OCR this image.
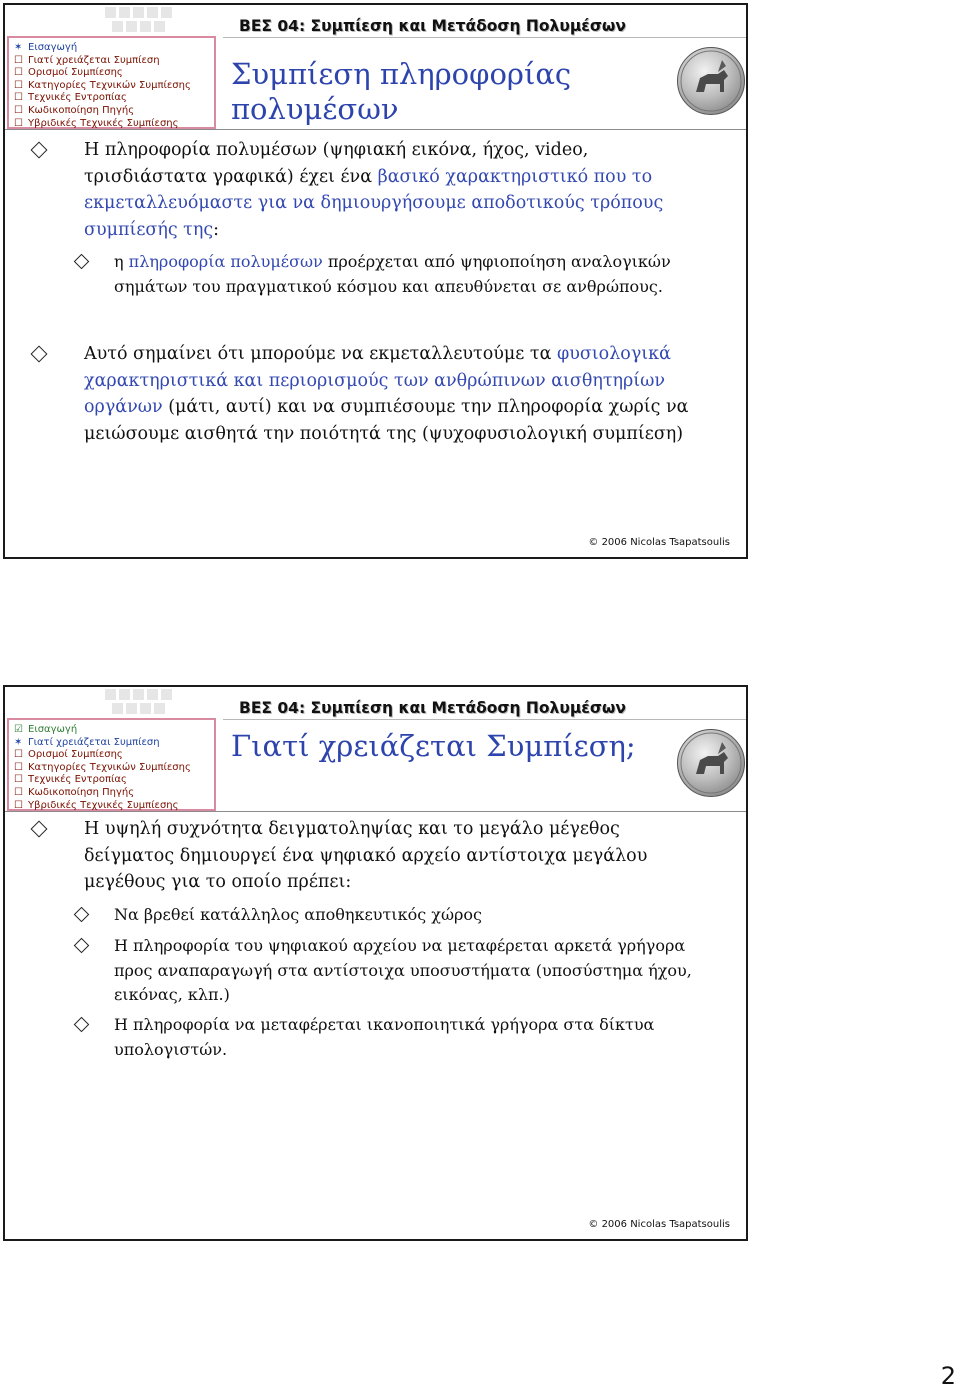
ΒΕΣ 04: Συμπίεση και Μετάδοση Πολυμέσων
✶ Εισαγωγή
☐ Γιατί χρειάζεται Συμπίεση
☐ Ορισμοί Συμπίεσης
☐ Κατηγορίες Τεχνικών Συμπίεσης
☐ Τεχνικές Εντροπίας
☐ Κωδικοποίηση Πηγής
☐ Υβριδικές Τεχνικές Συμπίεσης
Συμπίεση πληροφορίας
πολυμέσων
Η πληροφορία πολυμέσων (ψηφιακή εικόνα, ήχος, video,
τρισδιάστατα γραφικά) έχει ένα βασικό χαρακτηριστικό που το
εκμεταλλευόμαστε για να δημιουργήσουμε αποδοτικούς τρόπους
συμπίεσής της:
η πληροφορία πολυμέσων προέρχεται από ψηφιοποίηση αναλογικών
σημάτων του πραγματικού κόσμου και απευθύνεται σε ανθρώπους.
Αυτό σημαίνει ότι μπορούμε να εκμεταλλευτούμε τα φυσιολογικά
χαρακτηριστικά και περιορισμούς των ανθρώπινων αισθητηρίων
οργάνων (μάτι, αυτί) και να συμπιέσουμε την πληροφορία χωρίς να
μειώσουμε αισθητά την ποιότητά της (ψυχοφυσιολογική συμπίεση)
© 2006 Nicolas Tsapatsoulis
ΒΕΣ 04: Συμπίεση και Μετάδοση Πολυμέσων
☑ Εισαγωγή
✶ Γιατί χρειάζεται Συμπίεση
☐ Ορισμοί Συμπίεσης
☐ Κατηγορίες Τεχνικών Συμπίεσης
☐ Τεχνικές Εντροπίας
☐ Κωδικοποίηση Πηγής
☐ Υβριδικές Τεχνικές Συμπίεσης
Γιατί χρειάζεται Συμπίεση;
Η υψηλή συχνότητα δειγματοληψίας και το μεγάλο μέγεθος
δείγματος δημιουργεί ένα ψηφιακό αρχείο αντίστοιχα μεγάλου
μεγέθους για το οποίο πρέπει:
Να βρεθεί κατάλληλος αποθηκευτικός χώρος
Η πληροφορία του ψηφιακού αρχείου να μεταφέρεται αρκετά γρήγορα
προς αναπαραγωγή στα αντίστοιχα υποσυστήματα (υποσύστημα ήχου,
εικόνας, κλπ.)
Η πληροφορία να μεταφέρεται ικανοποιητικά γρήγορα στα δίκτυα
υπολογιστών.
© 2006 Nicolas Tsapatsoulis
2
